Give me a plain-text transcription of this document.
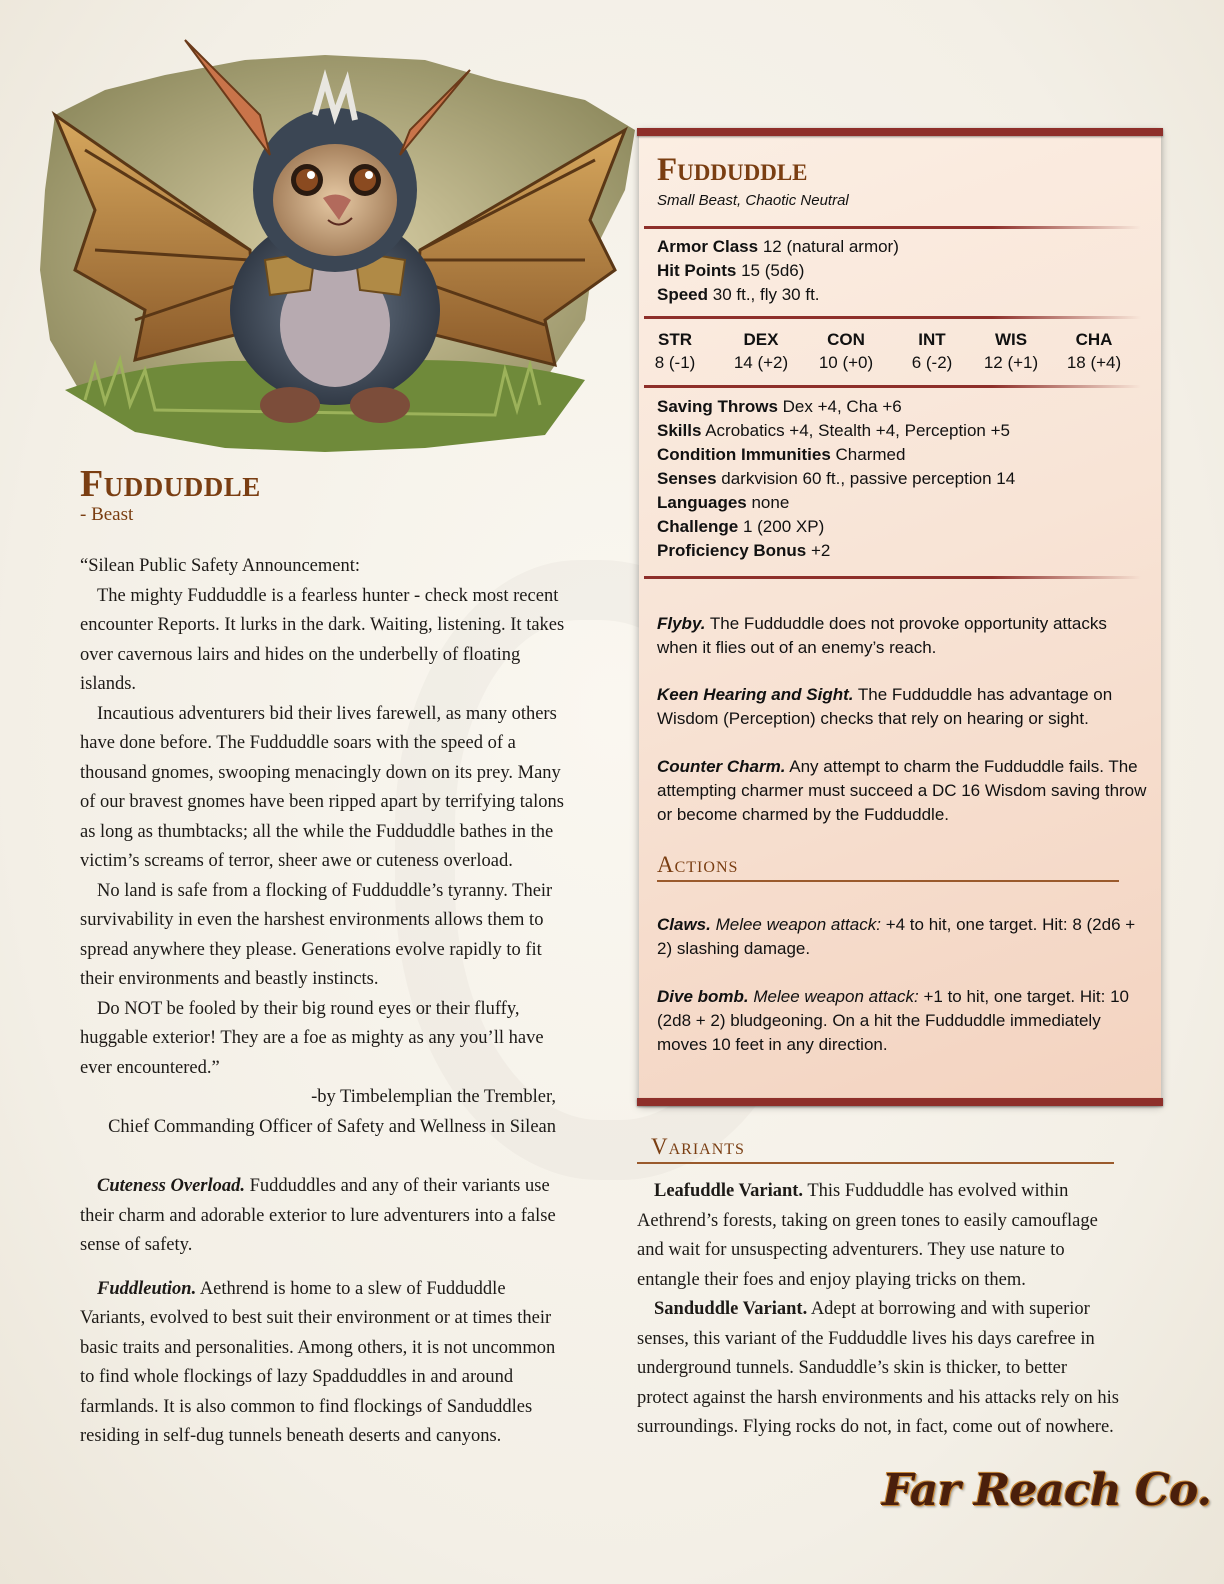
Fudduddle
- Beast

“Silean Public Safety Announcement:

The mighty Fudduddle is a fearless hunter - check most recent encounter Reports. It lurks in the dark. Waiting, listening. It takes over cavernous lairs and hides on the underbelly of floating islands.

Incautious adventurers bid their lives farewell, as many others have done before. The Fudduddle soars with the speed of a thousand gnomes, swooping menacingly down on its prey. Many of our bravest gnomes have been ripped apart by terrifying talons as long as thumbtacks; all the while the Fudduddle bathes in the victim’s screams of terror, sheer awe or cuteness overload.

No land is safe from a flocking of Fudduddle’s tyranny. Their survivability in even the harshest environments allows them to spread anywhere they please. Generations evolve rapidly to fit their environments and beastly instincts.

Do NOT be fooled by their big round eyes or their fluffy, huggable exterior! They are a foe as mighty as any you’ll have ever encountered.”

-by Timbelemplian the Trembler,

Chief Commanding Officer of Safety and Wellness in Silean

Cuteness Overload. Fudduddles and any of their variants use their charm and adorable exterior to lure adventurers into a false sense of safety.

Fuddleution. Aethrend is home to a slew of Fudduddle Variants, evolved to best suit their environment or at times their basic traits and personalities. Among others, it is not uncommon to find whole flockings of lazy Spadduddles in and around farmlands. It is also common to find flockings of Sanduddles residing in self-dug tunnels beneath deserts and canyons.

Fudduddle
Small Beast, Chaotic Neutral
Armor Class 12 (natural armor)
Hit Points 15 (5d6)
Speed 30 ft., fly 30 ft.
STR
8 (-1)
DEX
14 (+2)
CON
10 (+0)
INT
6 (-2)
WIS
12 (+1)
CHA
18 (+4)
Saving Throws Dex +4, Cha +6
Skills Acrobatics +4, Stealth +4, Perception +5
Condition Immunities Charmed
Senses darkvision 60 ft., passive perception 14
Languages none
Challenge 1 (200 XP)
Proficiency Bonus +2
Flyby. The Fudduddle does not provoke opportunity attacks when it flies out of an enemy’s reach.
Keen Hearing and Sight. The Fudduddle has advantage on Wisdom (Perception) checks that rely on hearing or sight.
Counter Charm. Any attempt to charm the Fudduddle fails. The attempting charmer must succeed a DC 16 Wisdom saving throw or become charmed by the Fudduddle.
Actions
Claws. Melee weapon attack: +4 to hit, one target. Hit: 8 (2d6 + 2) slashing damage.
Dive bomb. Melee weapon attack: +1 to hit, one target. Hit: 10 (2d8 + 2) bludgeoning. On a hit the Fudduddle immediately moves 10 feet in any direction.
Variants

Leafuddle Variant. This Fudduddle has evolved within Aethrend’s forests, taking on green tones to easily camouflage and wait for unsuspecting adventurers. They use nature to entangle their foes and enjoy playing tricks on them.

Sanduddle Variant. Adept at borrowing and with superior senses, this variant of the Fudduddle lives his days carefree in underground tunnels. Sanduddle’s skin is thicker, to better protect against the harsh environments and his attacks rely on his surroundings. Flying rocks do not, in fact, come out of nowhere.

Far Reach Co.
